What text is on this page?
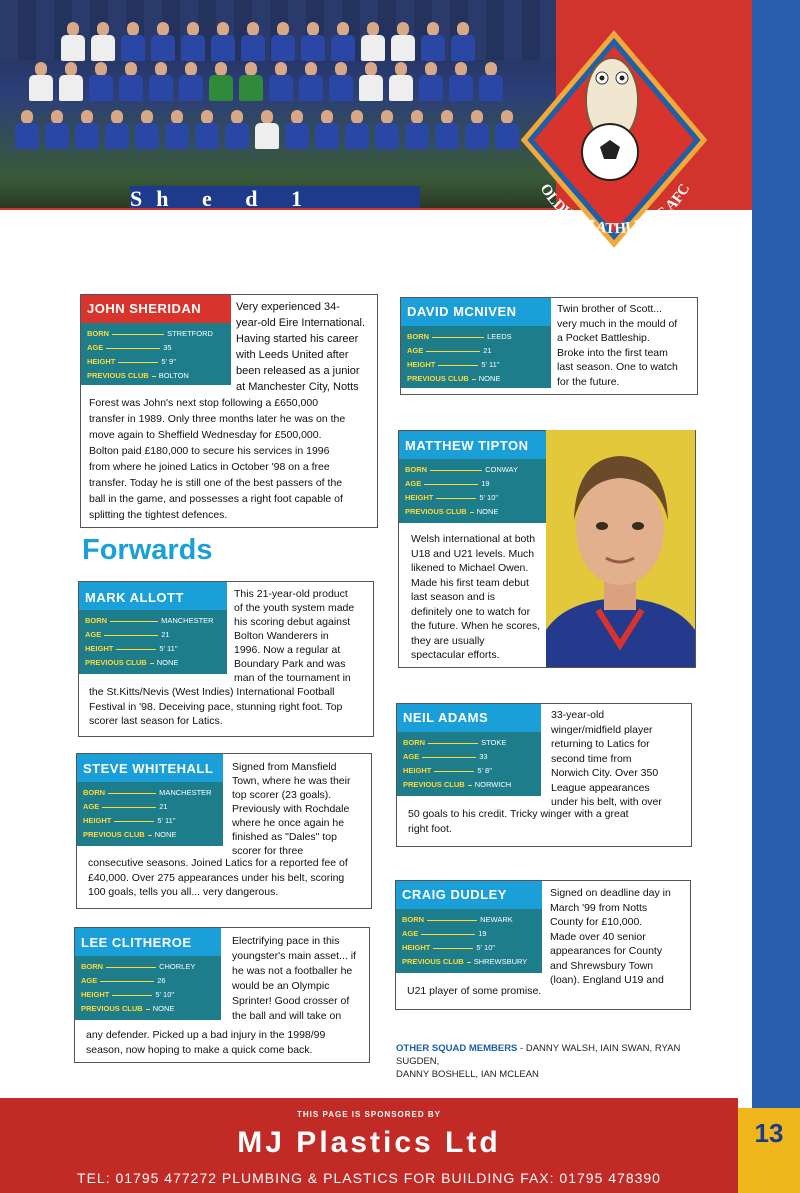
Sh e d 1	OLDHAM ATHLETIC AFC
JOHN SHERIDAN
BORN	STRETFORD
AGE	35
HEIGHT	5' 9"
PREVIOUS CLUB BOLTON
Very experienced 34-
year-old Eire International.
Having started his career
with Leeds United after
been released as a junior
at Manchester City, Notts
Forest was John's next stop following a £650,000
transfer in 1989. Only three months later he was on the
move again to Sheffield Wednesday for £500,000.
Bolton paid £180,000 to secure his services in 1996
from where he joined Latics in October '98 on a free
transfer. Today he is still one of the best passers of the
ball in the game, and possesses a right foot capable of
splitting the tightest defences.
DAVID MCNIVEN
BORN	LEEDS
AGE	21
HEIGHT	5' 11"
PREVIOUS CLUB NONE
Twin brother of Scott...
very much in the mould of
a Pocket Battleship.
Broke into the first team
last season. One to watch
for the future.
MATTHEW TIPTON
BORN	CONWAY
AGE	19
HEIGHT	5' 10"
PREVIOUS CLUB NONE
Welsh international at both
U18 and U21 levels. Much
likened to Michael Owen.
Made his first team debut
last season and is
definitely one to watch for
the future. When he scores,
they are usually
spectacular efforts.
Forwards
MARK ALLOTT
BORN	MANCHESTER
AGE	21
HEIGHT	5' 11"
PREVIOUS CLUB NONE
This 21-year-old product
of the youth system made
his scoring debut against
Bolton Wanderers in
1996. Now a regular at
Boundary Park and was
man of the tournament in
the St.Kitts/Nevis (West Indies) International Football
Festival in '98. Deceiving pace, stunning right foot. Top
scorer last season for Latics.
STEVE WHITEHALL
BORN	MANCHESTER
AGE	21
HEIGHT	5' 11"
PREVIOUS CLUB NONE
Signed from Mansfield
Town, where he was their
top scorer (23 goals).
Previously with Rochdale
where he once again he
finished as "Dales" top
scorer for three
consecutive seasons. Joined Latics for a reported fee of
£40,000. Over 275 appearances under his belt, scoring
100 goals, tells you all... very dangerous.
LEE CLITHEROE
BORN	CHORLEY
AGE	26
HEIGHT	5' 10"
PREVIOUS CLUB NONE
Electrifying pace in this
youngster's main asset... if
he was not a footballer he
would be an Olympic
Sprinter! Good crosser of
the ball and will take on
any defender. Picked up a bad injury in the 1998/99
season, now hoping to make a quick come back.
NEIL ADAMS
BORN	STOKE
AGE	33
HEIGHT	5' 8"
PREVIOUS CLUB NORWICH
33-year-old
winger/midfield player
returning to Latics for
second time from
Norwich City. Over 350
League appearances
under his belt, with over
50 goals to his credit. Tricky winger with a great
right foot.
CRAIG DUDLEY
BORN	NEWARK
AGE	19
HEIGHT	5' 10"
PREVIOUS CLUB SHREWSBURY
Signed on deadline day in
March '99 from Notts
County for £10,000.
Made over 40 senior
appearances for County
and Shrewsbury Town
(loan). England U19 and
U21 player of some promise.
OTHER SQUAD MEMBERS - DANNY WALSH, IAIN SWAN, RYAN SUGDEN,
DANNY BOSHELL, IAN MCLEAN
THIS PAGE IS SPONSORED BY
MJ Plastics Ltd
TEL: 01795 477272 PLUMBING & PLASTICS FOR BUILDING FAX: 01795 478390
13
